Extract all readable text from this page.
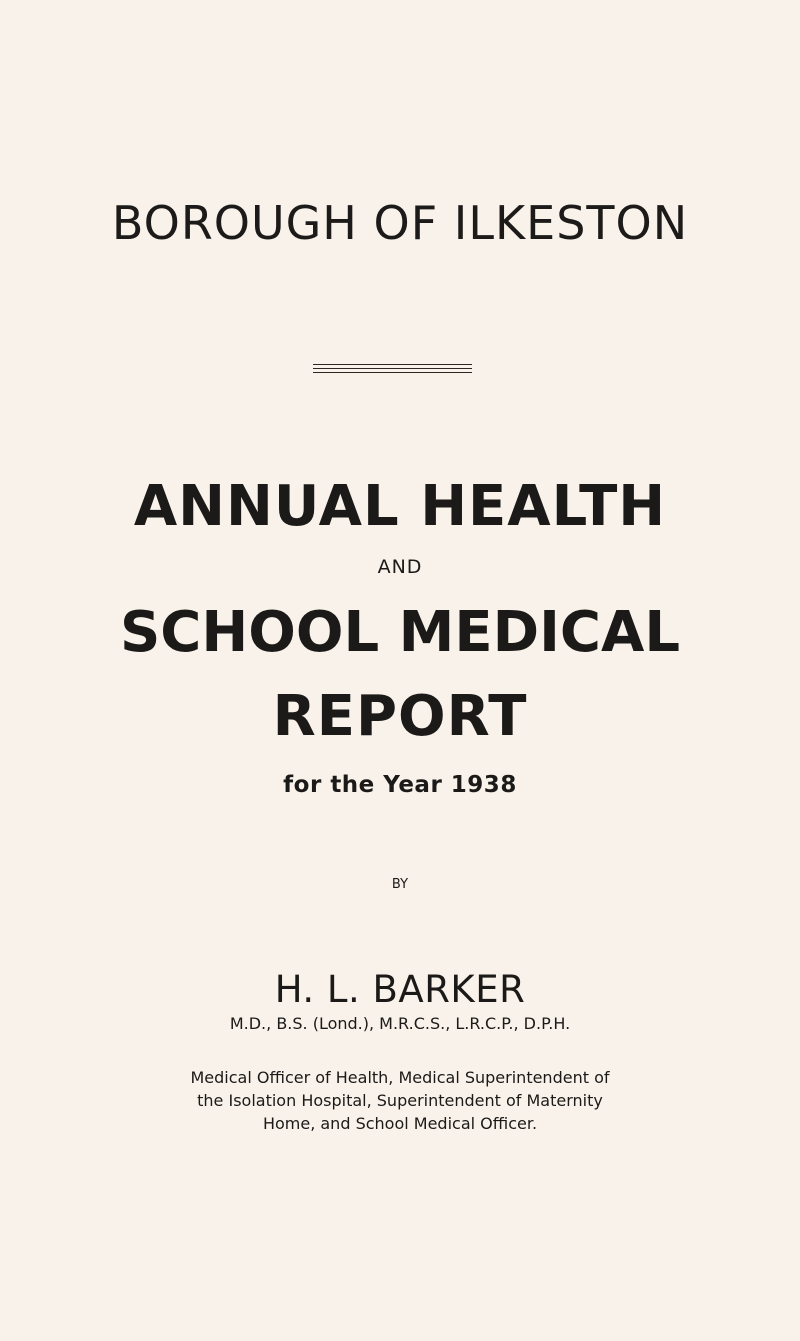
BOROUGH OF ILKESTON
ANNUAL HEALTH
AND
SCHOOL MEDICAL
REPORT
for the Year 1938
BY
H. L. BARKER
M.D., B.S. (Lond.), M.R.C.S., L.R.C.P., D.P.H.
Medical Officer of Health, Medical Superintendent of
the Isolation Hospital, Superintendent of Maternity
Home, and School Medical Officer.
